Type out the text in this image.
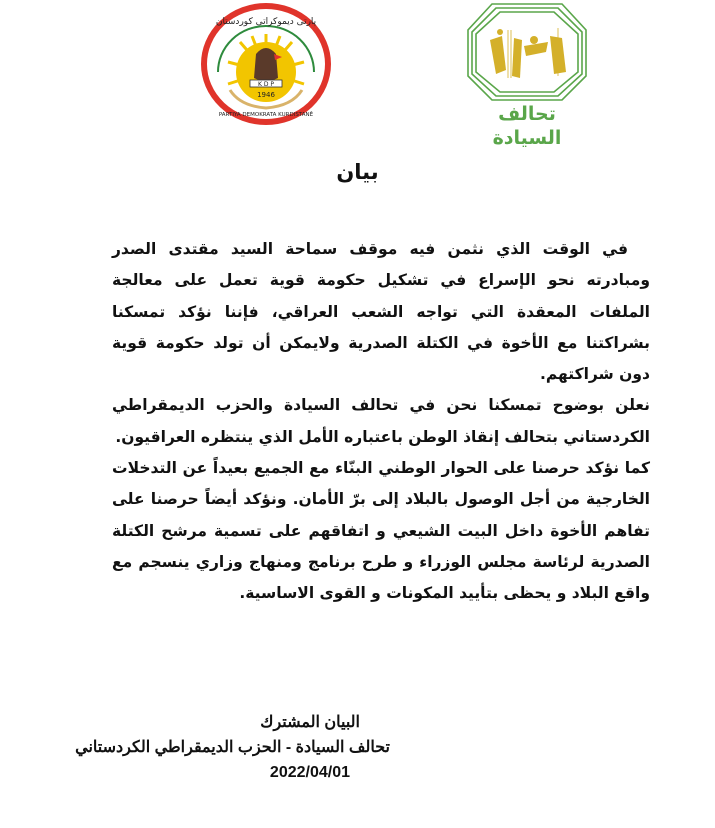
K D P
1946
پارتی دیموکراتی کوردستان
PARTIYA DEMOKRATA KURDISTANÊ	تحالف السيادة
بيان

في الوقت الذي نثمن فيه موقف سماحة السيد مقتدى الصدر ومبادرته نحو الإسراع في تشكيل حكومة قوية تعمل على معالجة الملفات المعقدة التي تواجه الشعب العراقي، فإننا نؤكد تمسكنا بشراكتنا مع الأخوة في الكتلة الصدرية ولايمكن أن تولد حكومة قوية دون شراكتهم.

نعلن بوضوح تمسكنا نحن في تحالف السيادة والحزب الديمقراطي الكردستاني بتحالف إنقاذ الوطن باعتباره الأمل الذي ينتظره العراقيون.

كما نؤكد حرصنا على الحوار الوطني البنّاء مع الجميع بعيداً عن التدخلات الخارجية من أجل الوصول بالبلاد إلى برّ الأمان. ونؤكد أيضاً حرصنا على تفاهم الأخوة داخل البيت الشيعي و اتفاقهم على تسمية مرشح الكتلة الصدرية لرئاسة مجلس الوزراء و طرح برنامج ومنهاج وزاري ينسجم مع واقع البلاد و يحظى بتأييد المكونات و القوى الاساسية.

البيان المشترك
تحالف السيادة - الحزب الديمقراطي الكردستاني
2022/04/01
